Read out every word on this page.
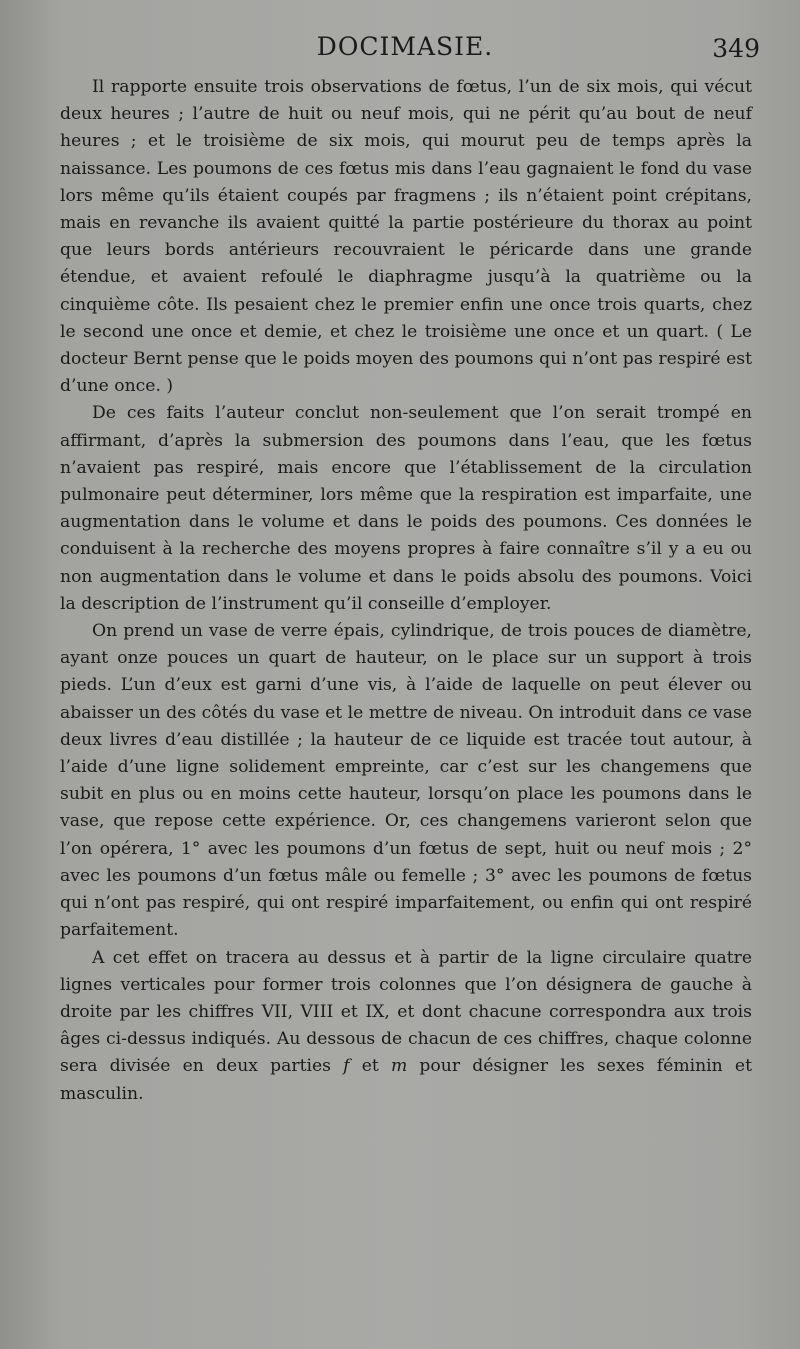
DOCIMASIE.	349

Il rapporte ensuite trois observations de fœtus, l’un de six mois, qui vécut deux heures ; l’autre de huit ou neuf mois, qui ne périt qu’au bout de neuf heures ; et le troisième de six mois, qui mourut peu de temps après la naissance. Les poumons de ces fœtus mis dans l’eau gagnaient le fond du vase lors même qu’ils étaient coupés par fragmens ; ils n’étaient point crépitans, mais en revanche ils avaient quitté la partie postérieure du thorax au point que leurs bords antérieurs recouvraient le péricarde dans une grande étendue, et avaient refoulé le diaphragme jusqu’à la quatrième ou la cinquième côte. Ils pesaient chez le premier enfin une once trois quarts, chez le second une once et demie, et chez le troisième une once et un quart. ( Le docteur Bernt pense que le poids moyen des poumons qui n’ont pas respiré est d’une once. )

De ces faits l’auteur conclut non-seulement que l’on serait trompé en affirmant, d’après la submersion des poumons dans l’eau, que les fœtus n’avaient pas respiré, mais encore que l’établissement de la circulation pulmonaire peut déterminer, lors même que la respiration est imparfaite, une augmentation dans le volume et dans le poids des poumons. Ces données le conduisent à la recherche des moyens propres à faire connaître s’il y a eu ou non augmentation dans le volume et dans le poids absolu des poumons. Voici la description de l’instrument qu’il conseille d’employer.

On prend un vase de verre épais, cylindrique, de trois pouces de diamètre, ayant onze pouces un quart de hauteur, on le place sur un support à trois pieds. L’un d’eux est garni d’une vis, à l’aide de laquelle on peut élever ou abaisser un des côtés du vase et le mettre de niveau. On introduit dans ce vase deux livres d’eau distillée ; la hauteur de ce liquide est tracée tout autour, à l’aide d’une ligne solidement empreinte, car c’est sur les changemens que subit en plus ou en moins cette hauteur, lorsqu’on place les poumons dans le vase, que repose cette expérience. Or, ces changemens varieront selon que l’on opérera, 1° avec les poumons d’un fœtus de sept, huit ou neuf mois ; 2° avec les poumons d’un fœtus mâle ou femelle ; 3° avec les poumons de fœtus qui n’ont pas respiré, qui ont respiré imparfaitement, ou enfin qui ont respiré parfaitement.

A cet effet on tracera au dessus et à partir de la ligne circulaire quatre lignes verticales pour former trois colonnes que l’on désignera de gauche à droite par les chiffres VII, VIII et IX, et dont chacune correspondra aux trois âges ci-dessus indiqués. Au dessous de chacun de ces chiffres, chaque colonne sera divisée en deux parties f et m pour désigner les sexes féminin et masculin.
